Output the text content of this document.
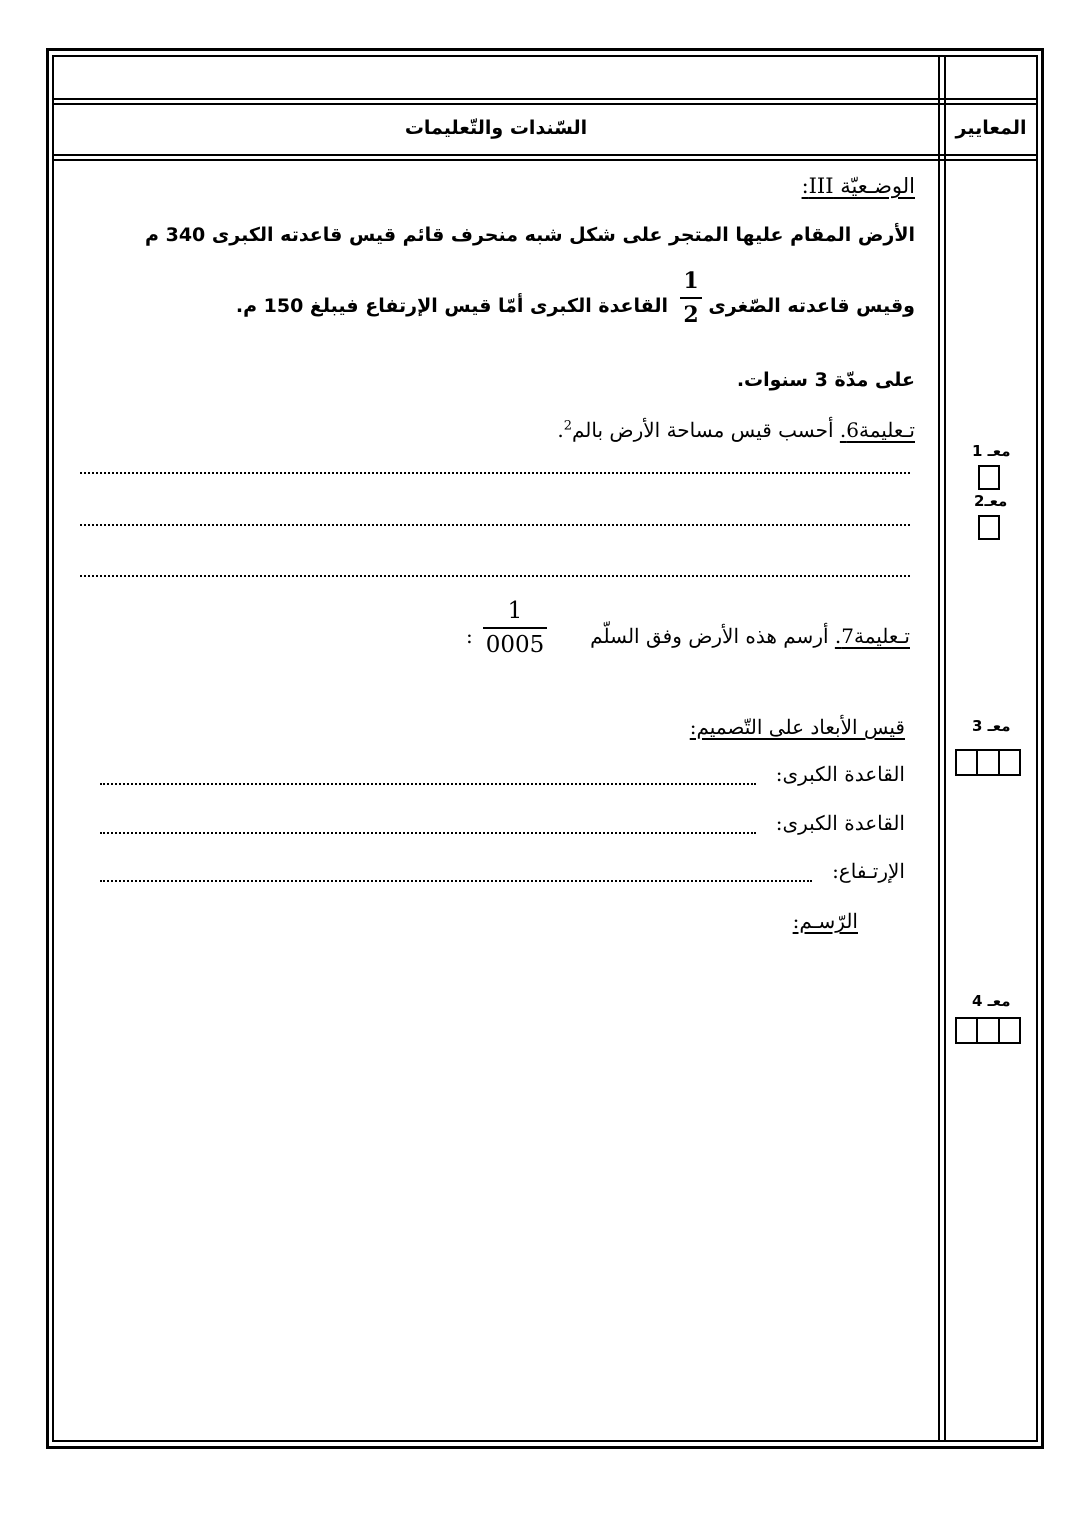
المعايير
السّندات والتّعليمات
الوضـعيّة III:
الأرض المقام عليها المتجر على شكل شبه منحرف قائم قيس قاعدته الكبرى 340 م
وقيس قاعدته الصّغرى
1
2
القاعدة الكبرى أمّا قيس الإرتفاع فيبلغ 150 م.
على مدّة 3 سنوات.
تـعليمة6. أحسب قيس مساحة الأرض بالم$^2$.
تـعليمة7. أرسم هذه الأرض وفق السلّم
1
0005
:
قيس الأبعاد على التّصميم:
القاعدة الكبرى:
القاعدة الكبرى:
الإرتـفاع:
الرّسـم:
معـ 1
معـ2
معـ 3
معـ 4
